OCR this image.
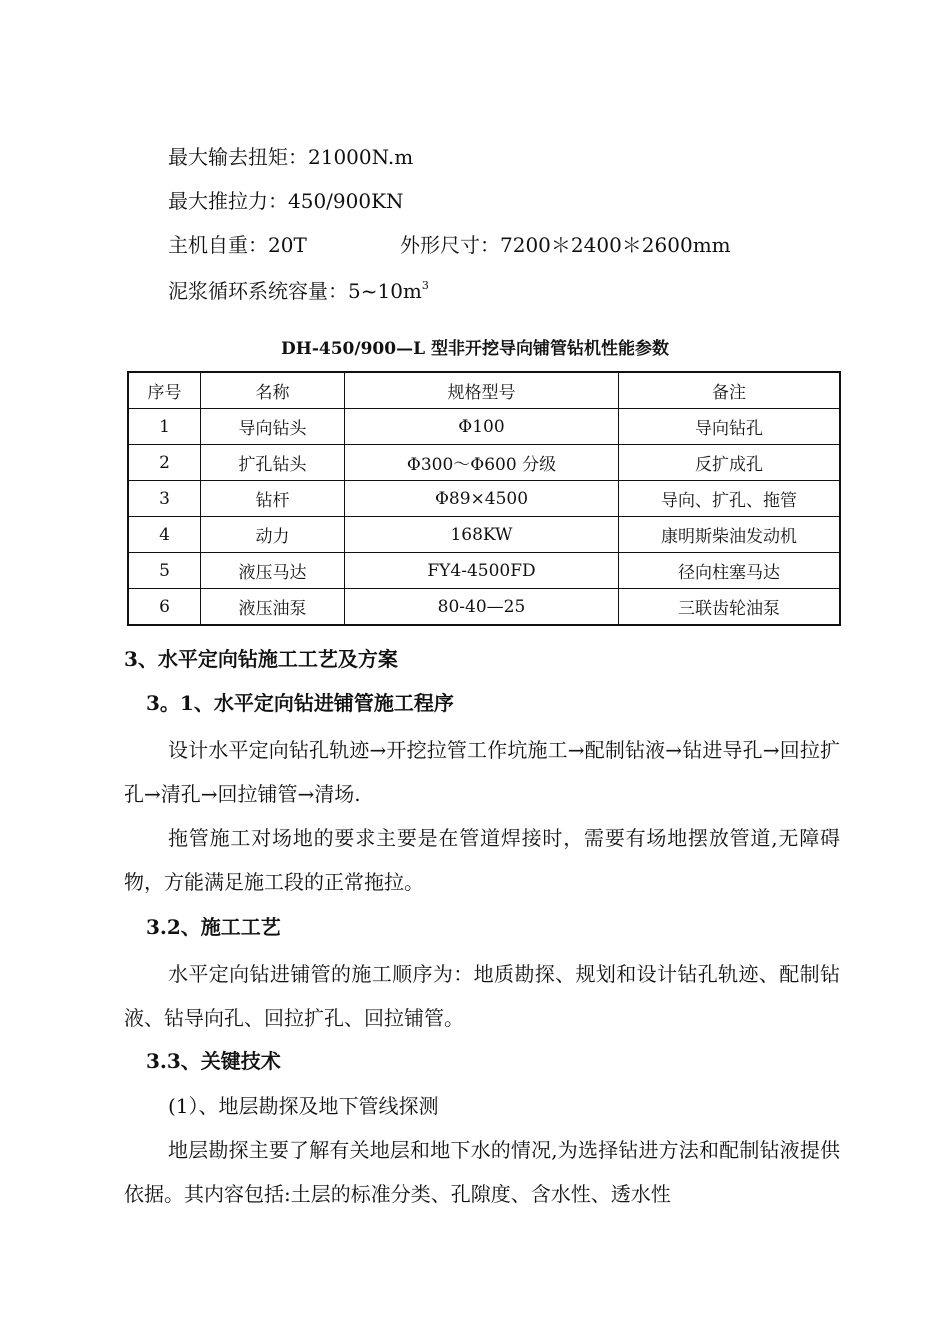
最大输去扭矩：21000N.m
最大推拉力：450/900KN
主机自重：20T	外形尺寸：7200＊2400＊2600mm
泥浆循环系统容量：$5\sim 10m^3$
DH-450/900—L 型非开挖导向铺管钻机性能参数
序号	名称	规格型号	备注
1	导向钻头	Φ100	导向钻孔
2	扩孔钻头	Φ300～Φ600 分级	反扩成孔
3	钻杆	Φ89×4500	导向、扩孔、拖管
4	动力	168KW	康明斯柴油发动机
5	液压马达	FY4-4500FD	径向柱塞马达
6	液压油泵	80-40—25	三联齿轮油泵
3、水平定向钻施工工艺及方案
3。1、水平定向钻进铺管施工程序
设计水平定向钻孔轨迹→开挖拉管工作坑施工→配制钻液→钻进导孔→回拉扩孔→清孔→回拉铺管→清场.
拖管施工对场地的要求主要是在管道焊接时，需要有场地摆放管道,无障碍物，方能满足施工段的正常拖拉。
3.2、施工工艺
水平定向钻进铺管的施工顺序为：地质勘探、规划和设计钻孔轨迹、配制钻液、钻导向孔、回拉扩孔、回拉铺管。
3.3、关键技术
(1）、地层勘探及地下管线探测
地层勘探主要了解有关地层和地下水的情况,为选择钻进方法和配制钻液提供依据。其内容包括:土层的标准分类、孔隙度、含水性、透水性
